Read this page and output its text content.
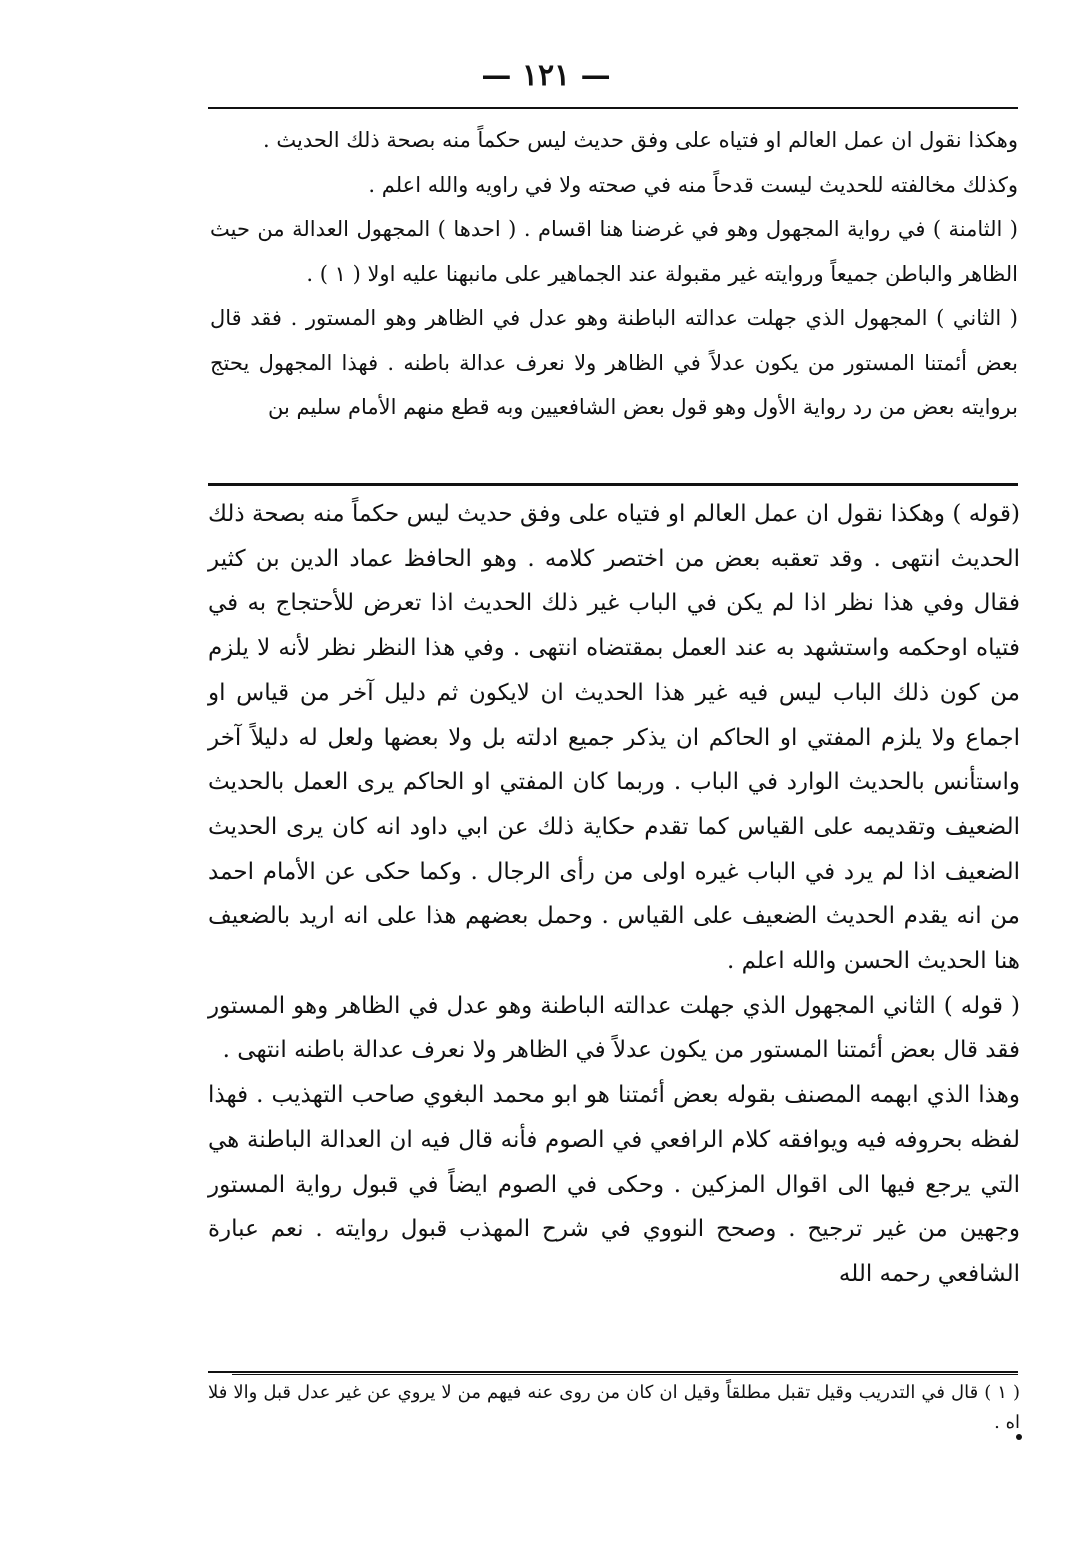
— ١٢١ —

وهكذا نقول ان عمل العالم او فتياه على وفق حديث ليس حكماً منه بصحة ذلك الحديث .

وكذلك مخالفته للحديث ليست قدحاً منه في صحته ولا في راويه والله اعلم .

( الثامنة ) في رواية المجهول وهو في غرضنا هنا اقسام . ( احدها ) المجهول العدالة من حيث الظاهر والباطن جميعاً وروايته غير مقبولة عند الجماهير على مانبهنا عليه اولا ( ١ ) .

( الثاني ) المجهول الذي جهلت عدالته الباطنة وهو عدل في الظاهر وهو المستور . فقد قال بعض أئمتنا المستور من يكون عدلاً في الظاهر ولا نعرف عدالة باطنه . فهذا المجهول يحتج بروايته بعض من رد رواية الأول وهو قول بعض الشافعيين وبه قطع منهم الأمام سليم بن

(قوله ) وهكذا نقول ان عمل العالم او فتياه على وفق حديث ليس حكماً منه بصحة ذلك الحديث انتهى . وقد تعقبه بعض من اختصر كلامه . وهو الحافظ عماد الدين بن كثير فقال وفي هذا نظر اذا لم يكن في الباب غير ذلك الحديث اذا تعرض للأحتجاج به في فتياه اوحكمه واستشهد به عند العمل بمقتضاه انتهى . وفي هذا النظر نظر لأنه لا يلزم من كون ذلك الباب ليس فيه غير هذا الحديث ان لايكون ثم دليل آخر من قياس او اجماع ولا يلزم المفتي او الحاكم ان يذكر جميع ادلته بل ولا بعضها ولعل له دليلاً آخر واستأنس بالحديث الوارد في الباب . وربما كان المفتي او الحاكم يرى العمل بالحديث الضعيف وتقديمه على القياس كما تقدم حكاية ذلك عن ابي داود انه كان يرى الحديث الضعيف اذا لم يرد في الباب غيره اولى من رأى الرجال . وكما حكى عن الأمام احمد من انه يقدم الحديث الضعيف على القياس . وحمل بعضهم هذا على انه اريد بالضعيف هنا الحديث الحسن والله اعلم .

( قوله ) الثاني المجهول الذي جهلت عدالته الباطنة وهو عدل في الظاهر وهو المستور فقد قال بعض أئمتنا المستور من يكون عدلاً في الظاهر ولا نعرف عدالة باطنه انتهى .

وهذا الذي ابهمه المصنف بقوله بعض أئمتنا هو ابو محمد البغوي صاحب التهذيب . فهذا لفظه بحروفه فيه ويوافقه كلام الرافعي في الصوم فأنه قال فيه ان العدالة الباطنة هي التي يرجع فيها الى اقوال المزكين . وحكى في الصوم ايضاً في قبول رواية المستور وجهين من غير ترجيح . وصحح النووي في شرح المهذب قبول روايته . نعم عبارة الشافعي رحمه الله

( ١ ) قال في التدريب وقيل تقبل مطلقاً وقيل ان كان من روى عنه فيهم من لا يروي عن غير عدل قبل والا فلا اه .
